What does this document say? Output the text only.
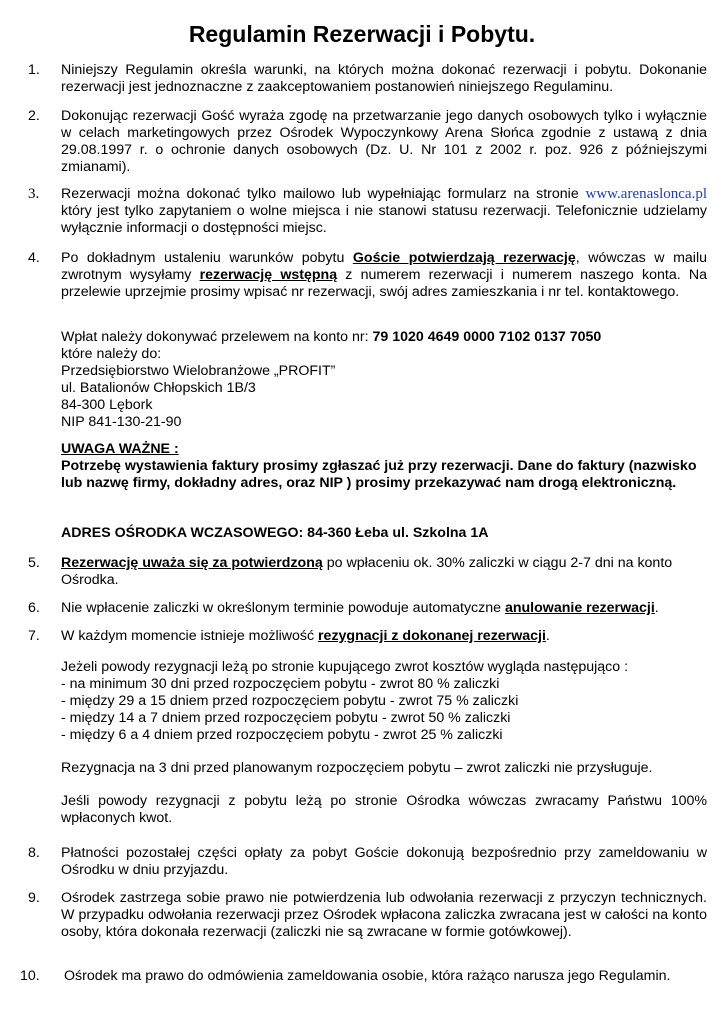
Regulamin Rezerwacji i Pobytu.
1.	Niniejszy Regulamin określa warunki, na których można dokonać rezerwacji i pobytu. Dokonanie rezerwacji jest jednoznaczne z zaakceptowaniem postanowień niniejszego Regulaminu.
2.	Dokonując rezerwacji Gość wyraża zgodę na przetwarzanie jego danych osobowych tylko i wyłącznie w celach marketingowych przez Ośrodek Wypoczynkowy Arena Słońca zgodnie z ustawą z dnia 29.08.1997 r. o ochronie danych osobowych (Dz. U. Nr 101 z 2002 r. poz. 926 z późniejszymi zmianami).
3.	Rezerwacji można dokonać tylko mailowo lub wypełniając formularz na stronie www.arenaslonca.pl który jest tylko zapytaniem o wolne miejsca i nie stanowi statusu rezerwacji. Telefonicznie udzielamy wyłącznie informacji o dostępności miejsc.
4.	Po dokładnym ustaleniu warunków pobytu Goście potwierdzają rezerwację, wówczas w mailu zwrotnym wysyłamy rezerwację wstępną z numerem rezerwacji i numerem naszego konta. Na przelewie uprzejmie prosimy wpisać nr rezerwacji, swój adres zamieszkania i nr tel. kontaktowego.
Wpłat należy dokonywać przelewem na konto nr: 79 1020 4649 0000 7102 0137 7050
które należy do:
Przedsiębiorstwo Wielobranżowe „PROFIT”
ul. Batalionów Chłopskich 1B/3
84-300 Lębork
NIP 841-130-21-90
UWAGA WAŻNE :
Potrzebę wystawienia faktury prosimy zgłaszać już przy rezerwacji. Dane do faktury (nazwisko lub nazwę firmy, dokładny adres, oraz NIP ) prosimy przekazywać nam drogą elektroniczną.
ADRES OŚRODKA WCZASOWEGO: 84-360 Łeba ul. Szkolna 1A
5.	Rezerwację uważa się za potwierdzoną po wpłaceniu ok. 30% zaliczki w ciągu 2-7 dni na konto Ośrodka.
6.	Nie wpłacenie zaliczki w określonym terminie powoduje automatyczne anulowanie rezerwacji.
7.	W każdym momencie istnieje możliwość rezygnacji z dokonanej rezerwacji.
Jeżeli powody rezygnacji leżą po stronie kupującego zwrot kosztów wygląda następująco :
- na minimum 30 dni przed rozpoczęciem pobytu - zwrot 80 % zaliczki
- między 29 a 15 dniem przed rozpoczęciem pobytu - zwrot 75 % zaliczki
- między 14 a 7 dniem przed rozpoczęciem pobytu - zwrot 50 % zaliczki
- między 6 a 4 dniem przed rozpoczęciem pobytu - zwrot 25 % zaliczki
Rezygnacja na 3 dni przed planowanym rozpoczęciem pobytu – zwrot zaliczki nie przysługuje.
Jeśli powody rezygnacji z pobytu leżą po stronie Ośrodka wówczas zwracamy Państwu 100% wpłaconych kwot.
8.	Płatności pozostałej części opłaty za pobyt Goście dokonują bezpośrednio przy zameldowaniu w Ośrodku w dniu przyjazdu.
9.	Ośrodek zastrzega sobie prawo nie potwierdzenia lub odwołania rezerwacji z przyczyn technicznych. W przypadku odwołania rezerwacji przez Ośrodek wpłacona zaliczka zwracana jest w całości na konto osoby, która dokonała rezerwacji (zaliczki nie są zwracane w formie gotówkowej).
10.	Ośrodek ma prawo do odmówienia zameldowania osobie, która rażąco narusza jego Regulamin.
